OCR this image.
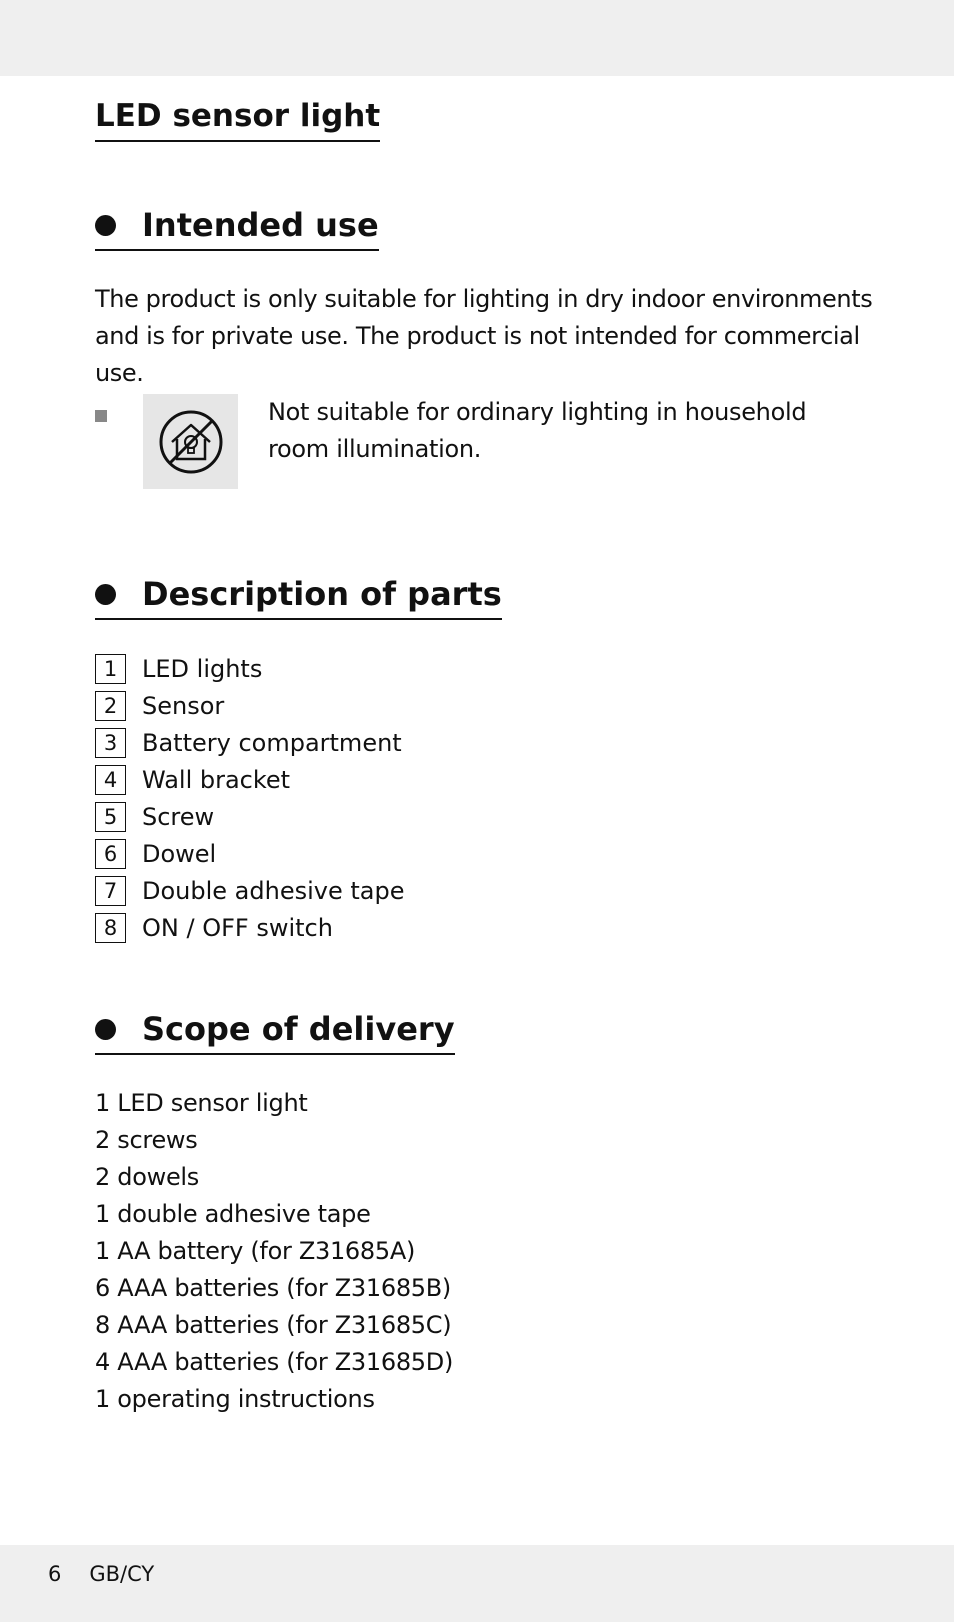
LED sensor light
Intended use

The product is only suitable for lighting in dry indoor environments and is for private use. The product is not intended for commercial use.

Not suitable for ordinary lighting in household room illumination.
Description of parts
1	LED lights
2	Sensor
3	Battery compartment
4	Wall bracket
5	Screw
6	Dowel
7	Double adhesive tape
8	ON / OFF switch
Scope of delivery
1 LED sensor light
2 screws
2 dowels
1 double adhesive tape
1 AA battery (for Z31685A)
6 AAA batteries (for Z31685B)
8 AAA batteries (for Z31685C)
4 AAA batteries (for Z31685D)
1 operating instructions
6 GB/CY
